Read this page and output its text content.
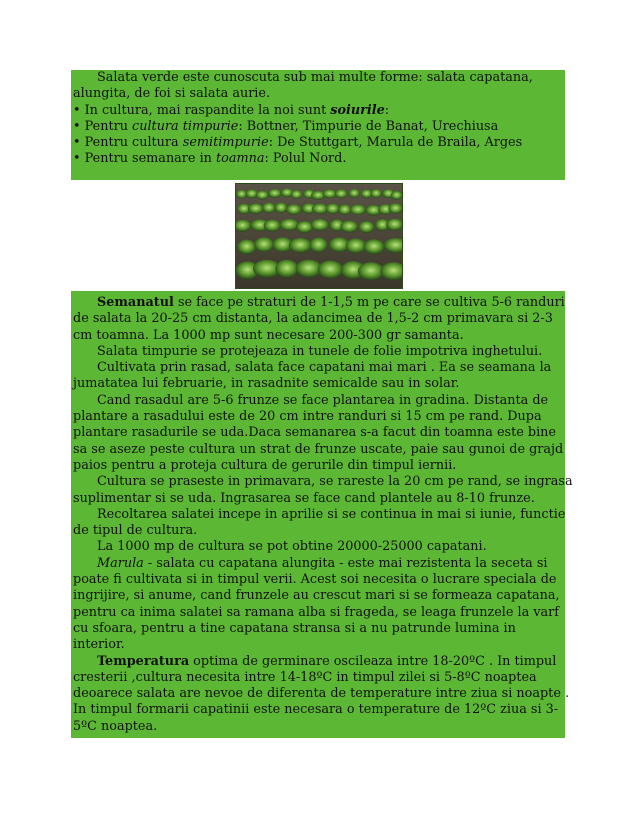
Salata verde este cunoscuta sub mai multe forme: salata capatana,
alungita, de foi si salata aurie.
• In cultura, mai raspandite la noi sunt soiurile:
• Pentru cultura timpurie: Bottner, Timpurie de Banat, Urechiusa
• Pentru cultura semitimpurie: De Stuttgart, Marula de Braila, Arges
• Pentru semanare in toamna: Polul Nord.
Semanatul se face pe straturi de 1-1,5 m pe care se cultiva 5-6 randuri
de salata la 20-25 cm distanta, la adancimea de 1,5-2 cm primavara si 2-3
cm toamna. La 1000 mp sunt necesare 200-300 gr samanta.
Salata timpurie se protejeaza in tunele de folie impotriva inghetului.
Cultivata prin rasad, salata face capatani mai mari . Ea se seamana la
jumatatea lui februarie, in rasadnite semicalde sau in solar.
Cand rasadul are 5-6 frunze se face plantarea in gradina. Distanta de
plantare a rasadului este de 20 cm intre randuri si 15 cm pe rand. Dupa
plantare rasadurile se uda.Daca semanarea s-a facut din toamna este bine
sa se aseze peste cultura un strat de frunze uscate, paie sau gunoi de grajd
paios pentru a proteja cultura de gerurile din timpul iernii.
Cultura se praseste in primavara, se rareste la 20 cm pe rand, se ingrasa
suplimentar si se uda. Ingrasarea se face cand plantele au 8-10 frunze.
Recoltarea salatei incepe in aprilie si se continua in mai si iunie, functie
de tipul de cultura.
La 1000 mp de cultura se pot obtine 20000-25000 capatani.
Marula - salata cu capatana alungita - este mai rezistenta la seceta si
poate fi cultivata si in timpul verii. Acest soi necesita o lucrare speciala de
ingrijire, si anume, cand frunzele au crescut mari si se formeaza capatana,
pentru ca inima salatei sa ramana alba si frageda, se leaga frunzele la varf
cu sfoara, pentru a tine capatana stransa si a nu patrunde lumina in
interior.
Temperatura optima de germinare oscileaza intre 18-20ºC . In timpul
cresterii ,cultura necesita intre 14-18ºC in timpul zilei si 5-8ºC noaptea
deoarece salata are nevoe de diferenta de temperature intre ziua si noapte .
In timpul formarii capatinii este necesara o temperature de 12ºC ziua si 3-
5ºC noaptea.
